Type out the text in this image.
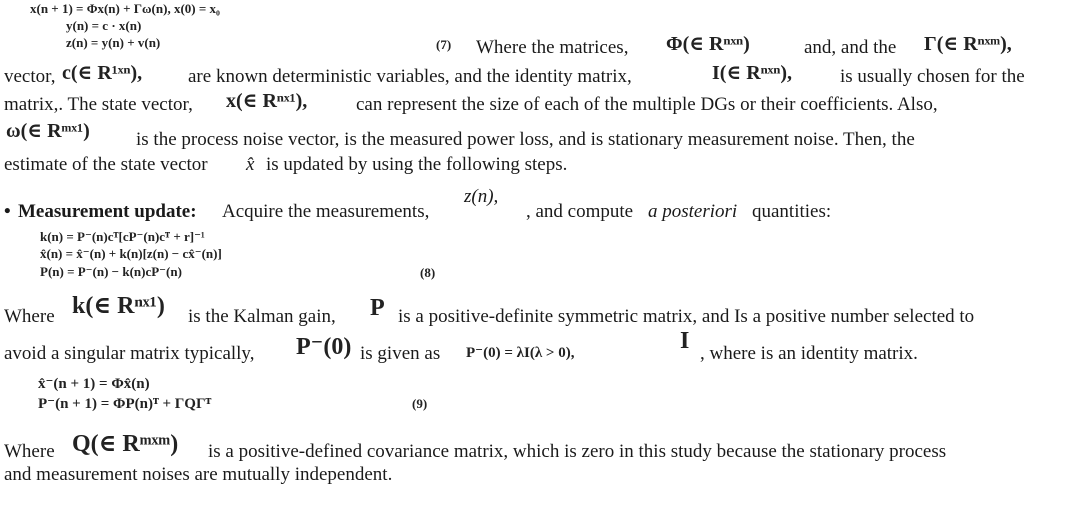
x(n + 1) = Φx(n) + Γω(n), x(0) = x₀
y(n) = c · x(n)
z(n) = y(n) + v(n)	(7) Where the matrices, Φ(∈ Rⁿˣⁿ)	and, and the Γ(∈ Rⁿˣᵐ),
vector, c(∈ R¹ˣⁿ), are known deterministic variables, and the identity matrix,	I(∈ Rⁿˣⁿ),	is usually chosen for the
matrix,. The state vector, x(∈ Rⁿˣ¹),	can represent the size of each of the multiple DGs or their coefficients. Also,
ω(∈ Rᵐˣ¹) is the process noise vector, is the measured power loss, and is stationary measurement noise. Then, the
estimate of the state vector x̂ is updated by using the following steps.
• Measurement update: Acquire the measurements,
z(n),
, and compute a posteriori quantities:
k(n) = P⁻(n)cᵀ[cP⁻(n)cᵀ + r]⁻¹
x̂(n) = x̂⁻(n) + k(n)[z(n) − cx̂⁻(n)]
P(n) = P⁻(n) − k(n)cP⁻(n)	(8)
Where k(∈ Rⁿˣ¹) is the Kalman gain, P is a positive-definite symmetric matrix, and Is a positive number selected to
avoid a singular matrix typically, P⁻(0) is given as P⁻(0) = λI(λ > 0),	I , where is an identity matrix.
x̂⁻(n + 1) = Φx̂(n)
P⁻(n + 1) = ΦP(n)ᵀ + ΓQΓᵀ	(9)
Where Q(∈ Rᵐˣᵐ) is a positive-defined covariance matrix, which is zero in this study because the stationary process
and measurement noises are mutually independent.
